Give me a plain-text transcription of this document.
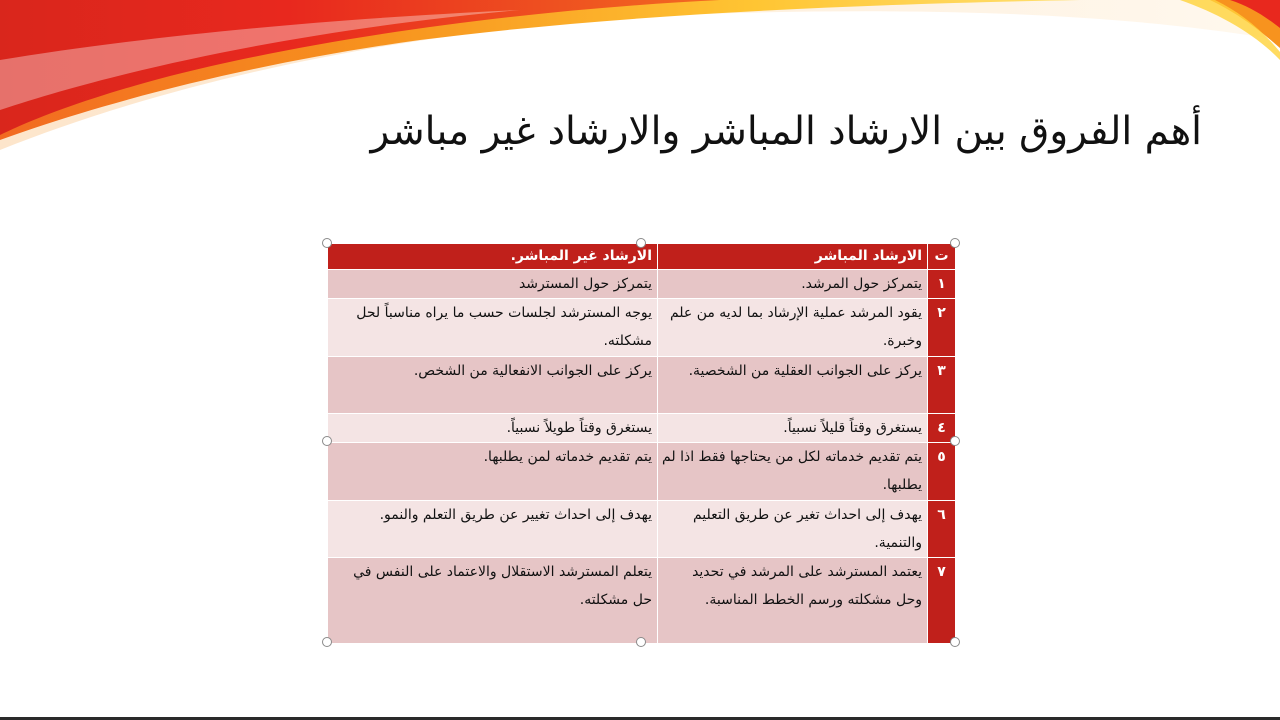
أهم الفروق بين الارشاد المباشر والارشاد غير مباشر
ت	الارشاد المباشر	الارشاد غير المباشر.
١	يتمركز حول المرشد.	يتمركز حول المسترشد
٢	يقود المرشد عملية الإرشاد بما لديه من علم وخبرة.	يوجه المسترشد لجلسات حسب ما يراه مناسباً لحل مشكلته.
٣	يركز على الجوانب العقلية من الشخصية.	يركز على الجوانب الانفعالية من الشخص.
٤	يستغرق وقتاً قليلاً نسبياً.	يستغرق وقتاً طويلاً نسبياً.
٥	يتم تقديم خدماته لكل من يحتاجها فقط اذا لم يطلبها.	يتم تقديم خدماته لمن يطلبها.
٦	يهدف إلى احداث تغير عن طريق التعليم والتنمية.	يهدف إلى احداث تغيير عن طريق التعلم والنمو.
٧	يعتمد المسترشد على المرشد في تحديد وحل مشكلته ورسم الخطط المناسبة.	يتعلم المسترشد الاستقلال والاعتماد على النفس في حل مشكلته.
